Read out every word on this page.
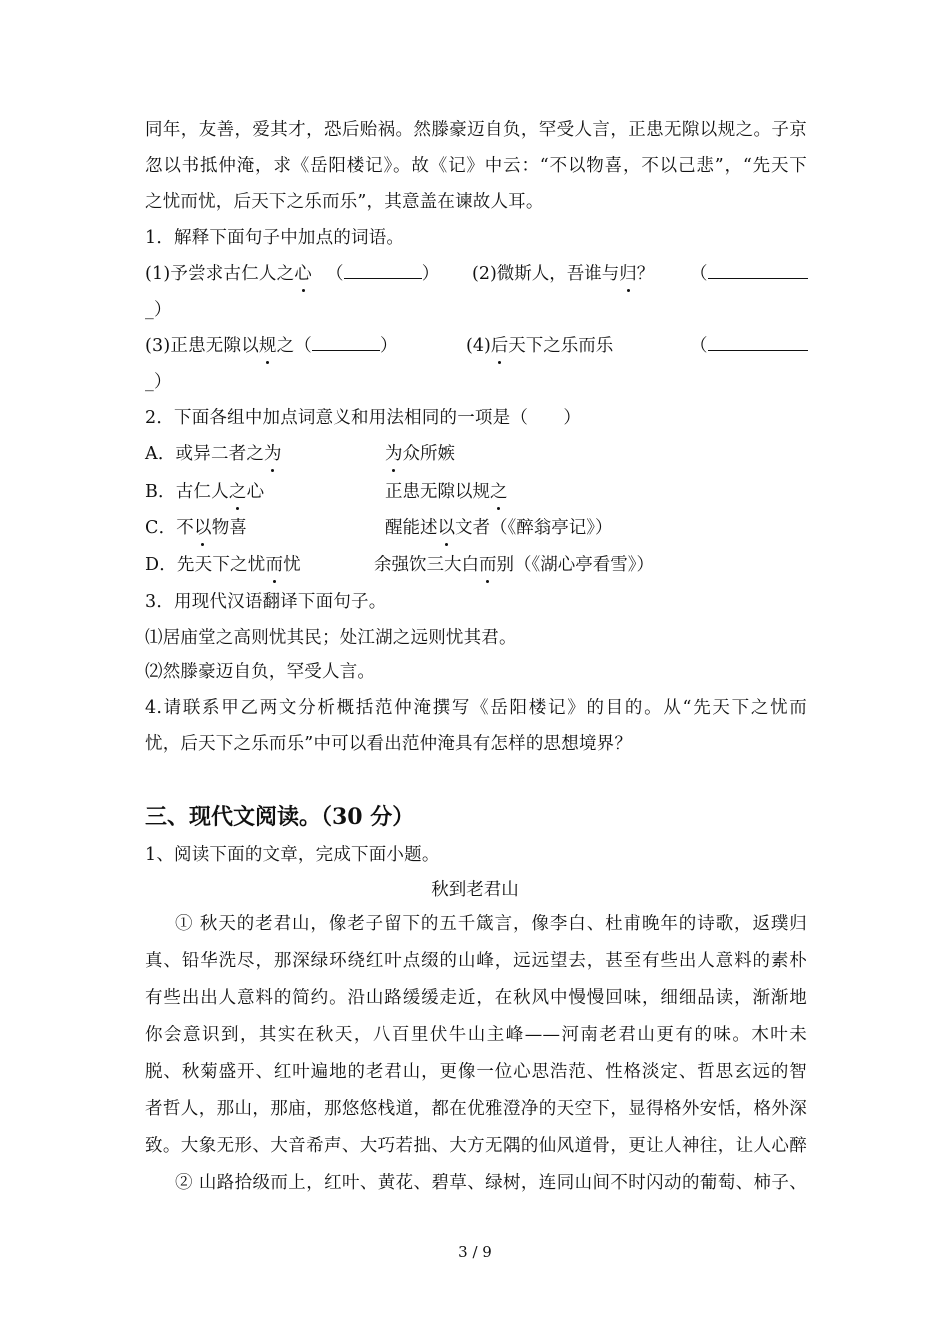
同年，友善，爱其才，恐后贻祸。然滕豪迈自负，罕受人言，正患无隙以规之。子京
忽以书抵仲淹，求《岳阳楼记》。故《记》中云：“不以物喜，不以己悲”，“先天下
之忧而忧，后天下之乐而乐”，其意盖在谏故人耳。
1．解释下面句子中加点的词语。
(1)予尝求古仁人之心 （	） (2)微斯人，吾谁与归？ （
_）
(3)正患无隙以规之（	）	(4)后天下之乐而乐	（
_）
2．下面各组中加点词意义和用法相同的一项是（　　）
A．或异二者之为	为众所嫉
B．古仁人之心	正患无隙以规之
C．不以物喜	醒能述以文者（《醉翁亭记》）
D．先天下之忧而忧	余强饮三大白而别（《湖心亭看雪》）
3．用现代汉语翻译下面句子。
⑴居庙堂之高则忧其民；处江湖之远则忧其君。
⑵然滕豪迈自负，罕受人言。
4.请联系甲乙两文分析概括范仲淹撰写《岳阳楼记》的目的。从“先天下之忧而
忧，后天下之乐而乐”中可以看出范仲淹具有怎样的思想境界？
三、现代文阅读。（30 分）
1、阅读下面的文章，完成下面小题。
秋到老君山
① 秋天的老君山，像老子留下的五千箴言，像李白、杜甫晚年的诗歌，返璞归
真、铅华洗尽，那深绿环绕红叶点缀的山峰，远远望去，甚至有些出人意料的素朴
有些出出人意料的简约。沿山路缓缓走近，在秋风中慢慢回味，细细品读，渐渐地
你会意识到，其实在秋天，八百里伏牛山主峰——河南老君山更有的味。木叶未
脱、秋菊盛开、红叶遍地的老君山，更像一位心思浩范、性格淡定、哲思玄远的智
者哲人，那山，那庙，那悠悠栈道，都在优雅澄净的天空下，显得格外安恬，格外深
致。大象无形、大音希声、大巧若拙、大方无隅的仙风道骨，更让人神往，让人心醉
② 山路拾级而上，红叶、黄花、碧草、绿树，连同山间不时闪动的葡萄、柿子、
3 / 9
